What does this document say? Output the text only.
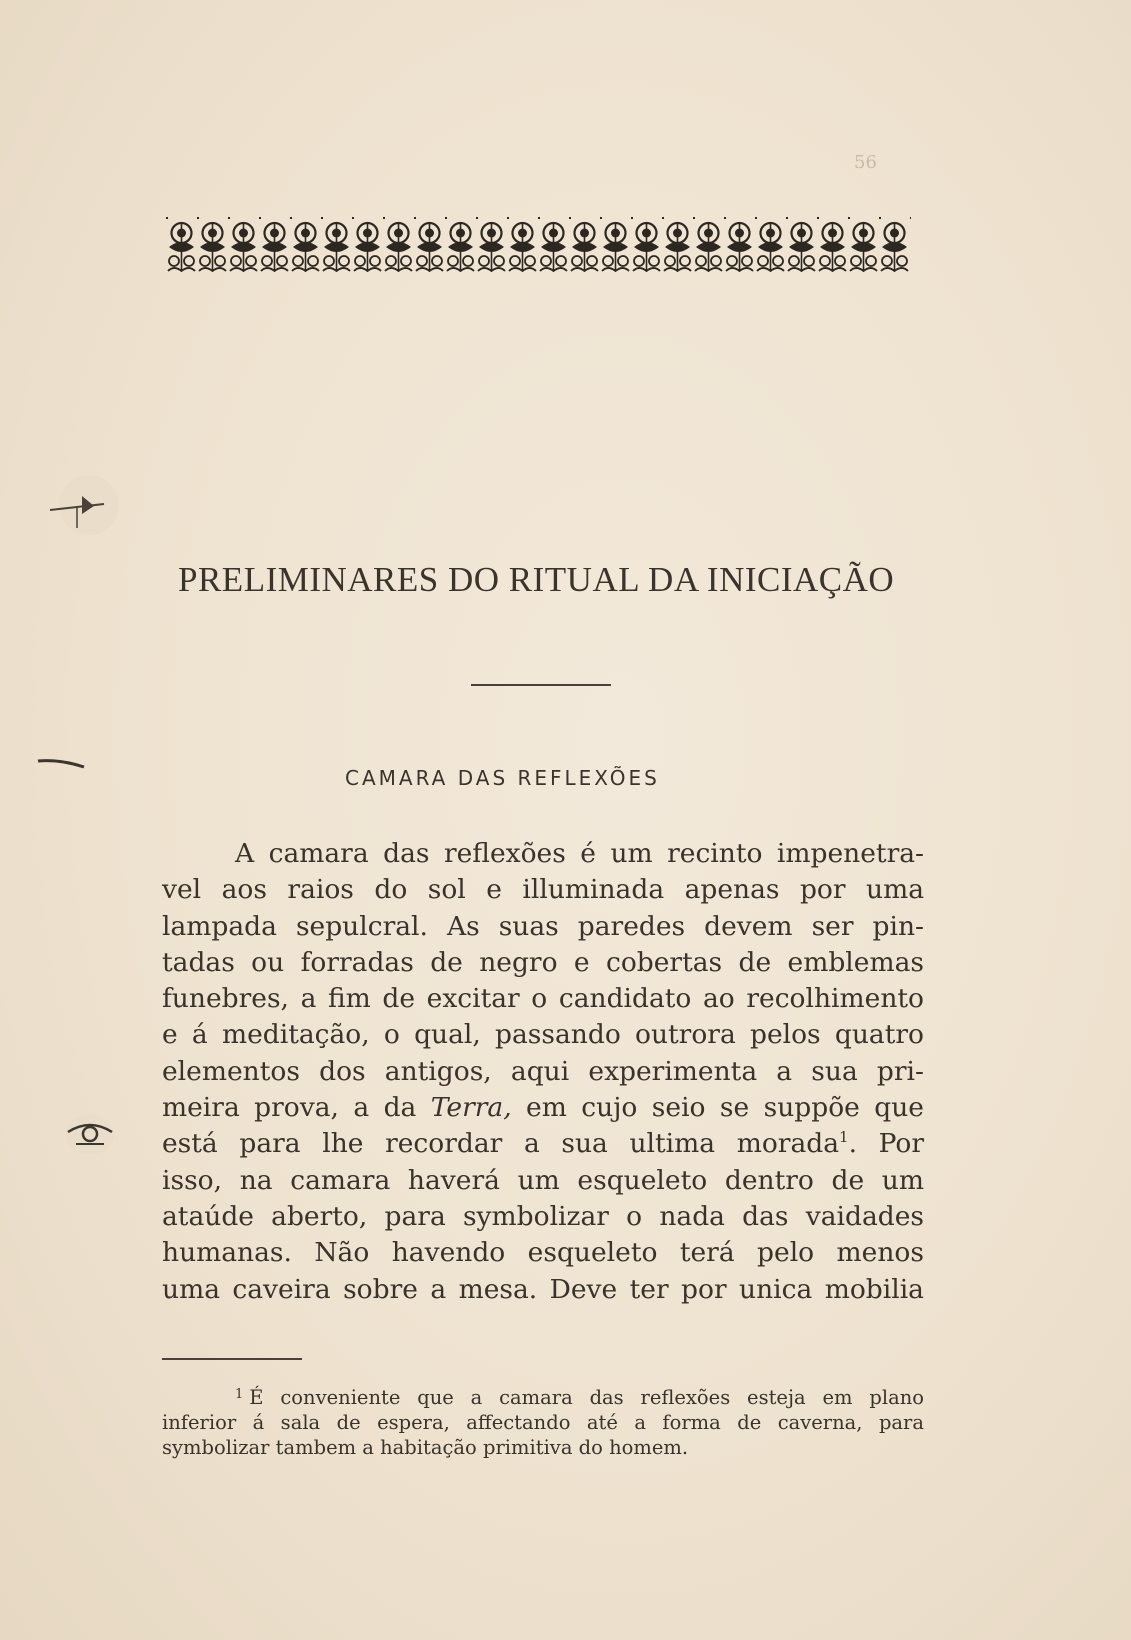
56
PRELIMINARES DO RITUAL DA INICIAÇÃO
CAMARA DAS REFLEXÕES
A camara das reflexões é um recinto impenetra-
vel aos raios do sol e illuminada apenas por uma
lampada sepulcral. As suas paredes devem ser pin-
tadas ou forradas de negro e cobertas de emblemas
funebres, a fim de excitar o candidato ao recolhimento
e á meditação, o qual, passando outrora pelos quatro
elementos dos antigos, aqui experimenta a sua pri-
meira prova, a da Terra, em cujo seio se suppõe que
está para lhe recordar a sua ultima morada$^1$. Por
isso, na camara haverá um esqueleto dentro de um
ataúde aberto, para symbolizar o nada das vaidades
humanas. Não havendo esqueleto terá pelo menos
uma caveira sobre a mesa. Deve ter por unica mobilia
$^1$ É conveniente que a camara das reflexões esteja em plano
inferior á sala de espera, affectando até a forma de caverna, para
symbolizar tambem a habitação primitiva do homem.
